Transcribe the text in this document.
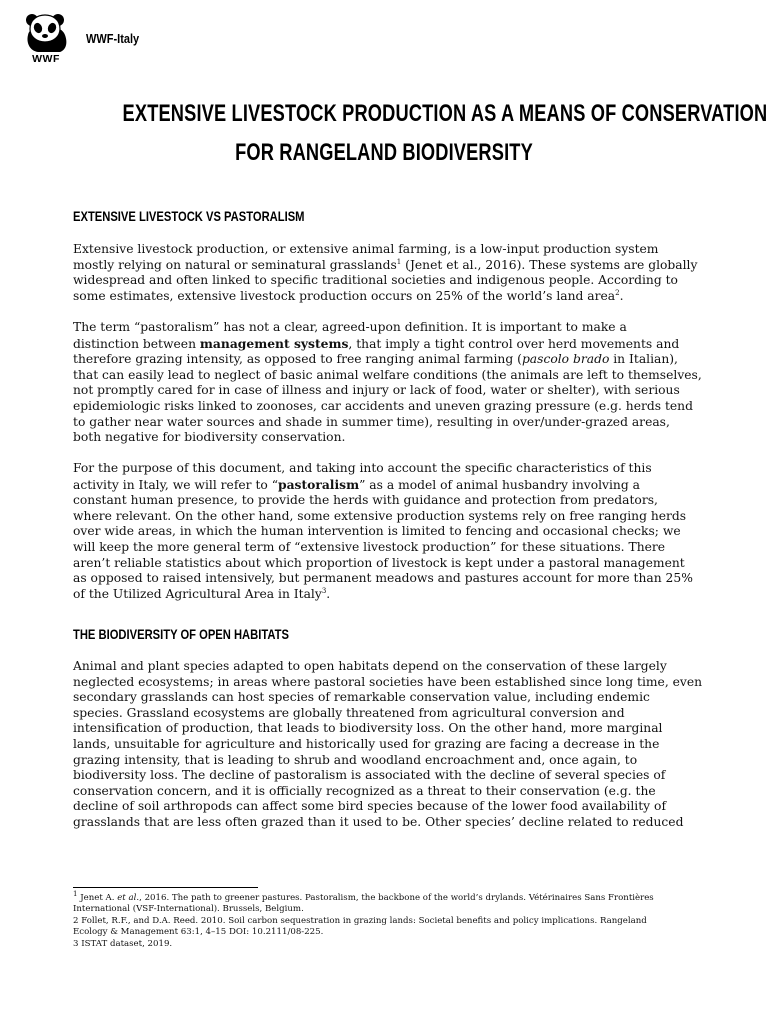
WWF
WWF-Italy
EXTENSIVE LIVESTOCK PRODUCTION AS A MEANS OF CONSERVATION
FOR RANGELAND BIODIVERSITY
EXTENSIVE LIVESTOCK VS PASTORALISM
Extensive livestock production, or extensive animal farming, is a low-input production system
mostly relying on natural or seminatural grasslands$^1$ (Jenet et al., 2016). These systems are globally
widespread and often linked to specific traditional societies and indigenous people. According to
some estimates, extensive livestock production occurs on 25% of the world’s land area$^2$.
The term “pastoralism” has not a clear, agreed-upon definition. It is important to make a
distinction between management systems, that imply a tight control over herd movements and
therefore grazing intensity, as opposed to free ranging animal farming (pascolo brado in Italian),
that can easily lead to neglect of basic animal welfare conditions (the animals are left to themselves,
not promptly cared for in case of illness and injury or lack of food, water or shelter), with serious
epidemiologic risks linked to zoonoses, car accidents and uneven grazing pressure (e.g. herds tend
to gather near water sources and shade in summer time), resulting in over/under-grazed areas,
both negative for biodiversity conservation.
For the purpose of this document, and taking into account the specific characteristics of this
activity in Italy, we will refer to “pastoralism” as a model of animal husbandry involving a
constant human presence, to provide the herds with guidance and protection from predators,
where relevant. On the other hand, some extensive production systems rely on free ranging herds
over wide areas, in which the human intervention is limited to fencing and occasional checks; we
will keep the more general term of “extensive livestock production” for these situations. There
aren’t reliable statistics about which proportion of livestock is kept under a pastoral management
as opposed to raised intensively, but permanent meadows and pastures account for more than 25%
of the Utilized Agricultural Area in Italy$^3$.
THE BIODIVERSITY OF OPEN HABITATS
Animal and plant species adapted to open habitats depend on the conservation of these largely
neglected ecosystems; in areas where pastoral societies have been established since long time, even
secondary grasslands can host species of remarkable conservation value, including endemic
species. Grassland ecosystems are globally threatened from agricultural conversion and
intensification of production, that leads to biodiversity loss. On the other hand, more marginal
lands, unsuitable for agriculture and historically used for grazing are facing a decrease in the
grazing intensity, that is leading to shrub and woodland encroachment and, once again, to
biodiversity loss. The decline of pastoralism is associated with the decline of several species of
conservation concern, and it is officially recognized as a threat to their conservation (e.g. the
decline of soil arthropods can affect some bird species because of the lower food availability of
grasslands that are less often grazed than it used to be. Other species’ decline related to reduced
$^1$ Jenet A. et al., 2016. The path to greener pastures. Pastoralism, the backbone of the world’s drylands. Vétérinaires Sans Frontières
International (VSF-International). Brussels, Belgium.
2 Follet, R.F., and D.A. Reed. 2010. Soil carbon sequestration in grazing lands: Societal benefits and policy implications. Rangeland
Ecology & Management 63:1, 4–15 DOI: 10.2111/08-225.
3 ISTAT dataset, 2019.
